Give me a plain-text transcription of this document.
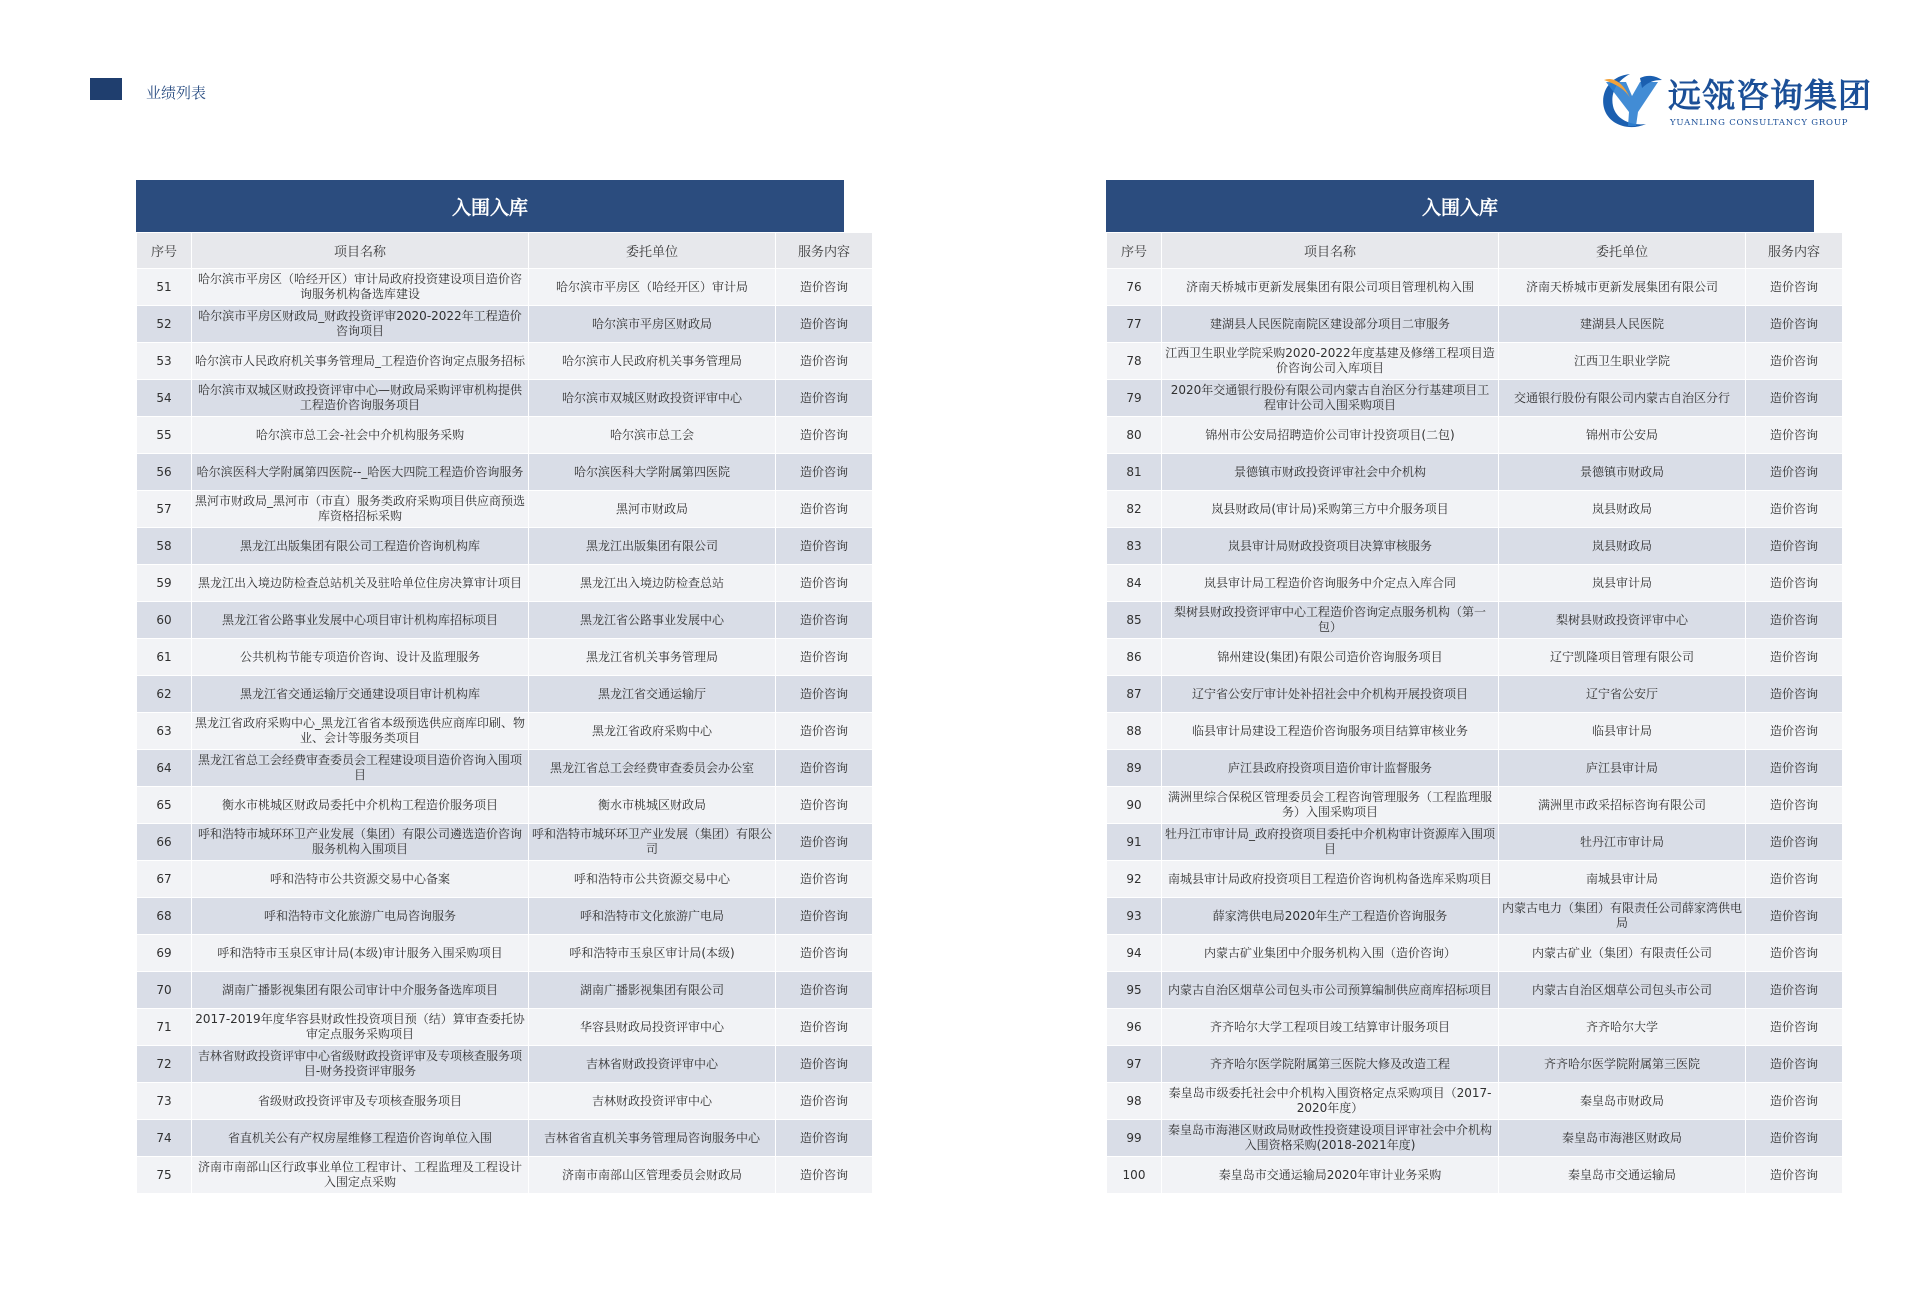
业绩列表	远瓴咨询集团
YUANLING CONSULTANCY GROUP
入围入库
序号	项目名称	委托单位	服务内容
51	哈尔滨市平房区（哈经开区）审计局政府投资建设项目造价咨询服务机构备选库建设	哈尔滨市平房区（哈经开区）审计局	造价咨询
52	哈尔滨市平房区财政局_财政投资评审2020-2022年工程造价咨询项目	哈尔滨市平房区财政局	造价咨询
53	哈尔滨市人民政府机关事务管理局_工程造价咨询定点服务招标	哈尔滨市人民政府机关事务管理局	造价咨询
54	哈尔滨市双城区财政投资评审中心—财政局采购评审机构提供工程造价咨询服务项目	哈尔滨市双城区财政投资评审中心	造价咨询
55	哈尔滨市总工会-社会中介机构服务采购	哈尔滨市总工会	造价咨询
56	哈尔滨医科大学附属第四医院--_哈医大四院工程造价咨询服务	哈尔滨医科大学附属第四医院	造价咨询
57	黑河市财政局_黑河市（市直）服务类政府采购项目供应商预选库资格招标采购	黑河市财政局	造价咨询
58	黑龙江出版集团有限公司工程造价咨询机构库	黑龙江出版集团有限公司	造价咨询
59	黑龙江出入境边防检查总站机关及驻哈单位住房决算审计项目	黑龙江出入境边防检查总站	造价咨询
60	黑龙江省公路事业发展中心项目审计机构库招标项目	黑龙江省公路事业发展中心	造价咨询
61	公共机构节能专项造价咨询、设计及监理服务	黑龙江省机关事务管理局	造价咨询
62	黑龙江省交通运输厅交通建设项目审计机构库	黑龙江省交通运输厅	造价咨询
63	黑龙江省政府采购中心_黑龙江省省本级预选供应商库印刷、物业、会计等服务类项目	黑龙江省政府采购中心	造价咨询
64	黑龙江省总工会经费审查委员会工程建设项目造价咨询入围项目	黑龙江省总工会经费审查委员会办公室	造价咨询
65	衡水市桃城区财政局委托中介机构工程造价服务项目	衡水市桃城区财政局	造价咨询
66	呼和浩特市城环环卫产业发展（集团）有限公司遴选造价咨询服务机构入围项目	呼和浩特市城环环卫产业发展（集团）有限公司	造价咨询
67	呼和浩特市公共资源交易中心备案	呼和浩特市公共资源交易中心	造价咨询
68	呼和浩特市文化旅游广电局咨询服务	呼和浩特市文化旅游广电局	造价咨询
69	呼和浩特市玉泉区审计局(本级)审计服务入围采购项目	呼和浩特市玉泉区审计局(本级)	造价咨询
70	湖南广播影视集团有限公司审计中介服务备选库项目	湖南广播影视集团有限公司	造价咨询
71	2017-2019年度华容县财政性投资项目预（结）算审查委托协审定点服务采购项目	华容县财政局投资评审中心	造价咨询
72	吉林省财政投资评审中心省级财政投资评审及专项核查服务项目-财务投资评审服务	吉林省财政投资评审中心	造价咨询
73	省级财政投资评审及专项核查服务项目	吉林财政投资评审中心	造价咨询
74	省直机关公有产权房屋维修工程造价咨询单位入围	吉林省省直机关事务管理局咨询服务中心	造价咨询
75	济南市南部山区行政事业单位工程审计、工程监理及工程设计入围定点采购	济南市南部山区管理委员会财政局	造价咨询
入围入库
序号	项目名称	委托单位	服务内容
76	济南天桥城市更新发展集团有限公司项目管理机构入围	济南天桥城市更新发展集团有限公司	造价咨询
77	建湖县人民医院南院区建设部分项目二审服务	建湖县人民医院	造价咨询
78	江西卫生职业学院采购2020-2022年度基建及修缮工程项目造价咨询公司入库项目	江西卫生职业学院	造价咨询
79	2020年交通银行股份有限公司内蒙古自治区分行基建项目工程审计公司入围采购项目	交通银行股份有限公司内蒙古自治区分行	造价咨询
80	锦州市公安局招聘造价公司审计投资项目(二包)	锦州市公安局	造价咨询
81	景德镇市财政投资评审社会中介机构	景德镇市财政局	造价咨询
82	岚县财政局(审计局)采购第三方中介服务项目	岚县财政局	造价咨询
83	岚县审计局财政投资项目决算审核服务	岚县财政局	造价咨询
84	岚县审计局工程造价咨询服务中介定点入库合同	岚县审计局	造价咨询
85	梨树县财政投资评审中心工程造价咨询定点服务机构（第一包）	梨树县财政投资评审中心	造价咨询
86	锦州建设(集团)有限公司造价咨询服务项目	辽宁凯隆项目管理有限公司	造价咨询
87	辽宁省公安厅审计处补招社会中介机构开展投资项目	辽宁省公安厅	造价咨询
88	临县审计局建设工程造价咨询服务项目结算审核业务	临县审计局	造价咨询
89	庐江县政府投资项目造价审计监督服务	庐江县审计局	造价咨询
90	满洲里综合保税区管理委员会工程咨询管理服务（工程监理服务）入围采购项目	满洲里市政采招标咨询有限公司	造价咨询
91	牡丹江市审计局_政府投资项目委托中介机构审计资源库入围项目	牡丹江市审计局	造价咨询
92	南城县审计局政府投资项目工程造价咨询机构备选库采购项目	南城县审计局	造价咨询
93	薛家湾供电局2020年生产工程造价咨询服务	内蒙古电力（集团）有限责任公司薛家湾供电局	造价咨询
94	内蒙古矿业集团中介服务机构入围（造价咨询）	内蒙古矿业（集团）有限责任公司	造价咨询
95	内蒙古自治区烟草公司包头市公司预算编制供应商库招标项目	内蒙古自治区烟草公司包头市公司	造价咨询
96	齐齐哈尔大学工程项目竣工结算审计服务项目	齐齐哈尔大学	造价咨询
97	齐齐哈尔医学院附属第三医院大修及改造工程	齐齐哈尔医学院附属第三医院	造价咨询
98	秦皇岛市级委托社会中介机构入围资格定点采购项目（2017-2020年度）	秦皇岛市财政局	造价咨询
99	秦皇岛市海港区财政局财政性投资建设项目评审社会中介机构入围资格采购(2018-2021年度)	秦皇岛市海港区财政局	造价咨询
100	秦皇岛市交通运输局2020年审计业务采购	秦皇岛市交通运输局	造价咨询
